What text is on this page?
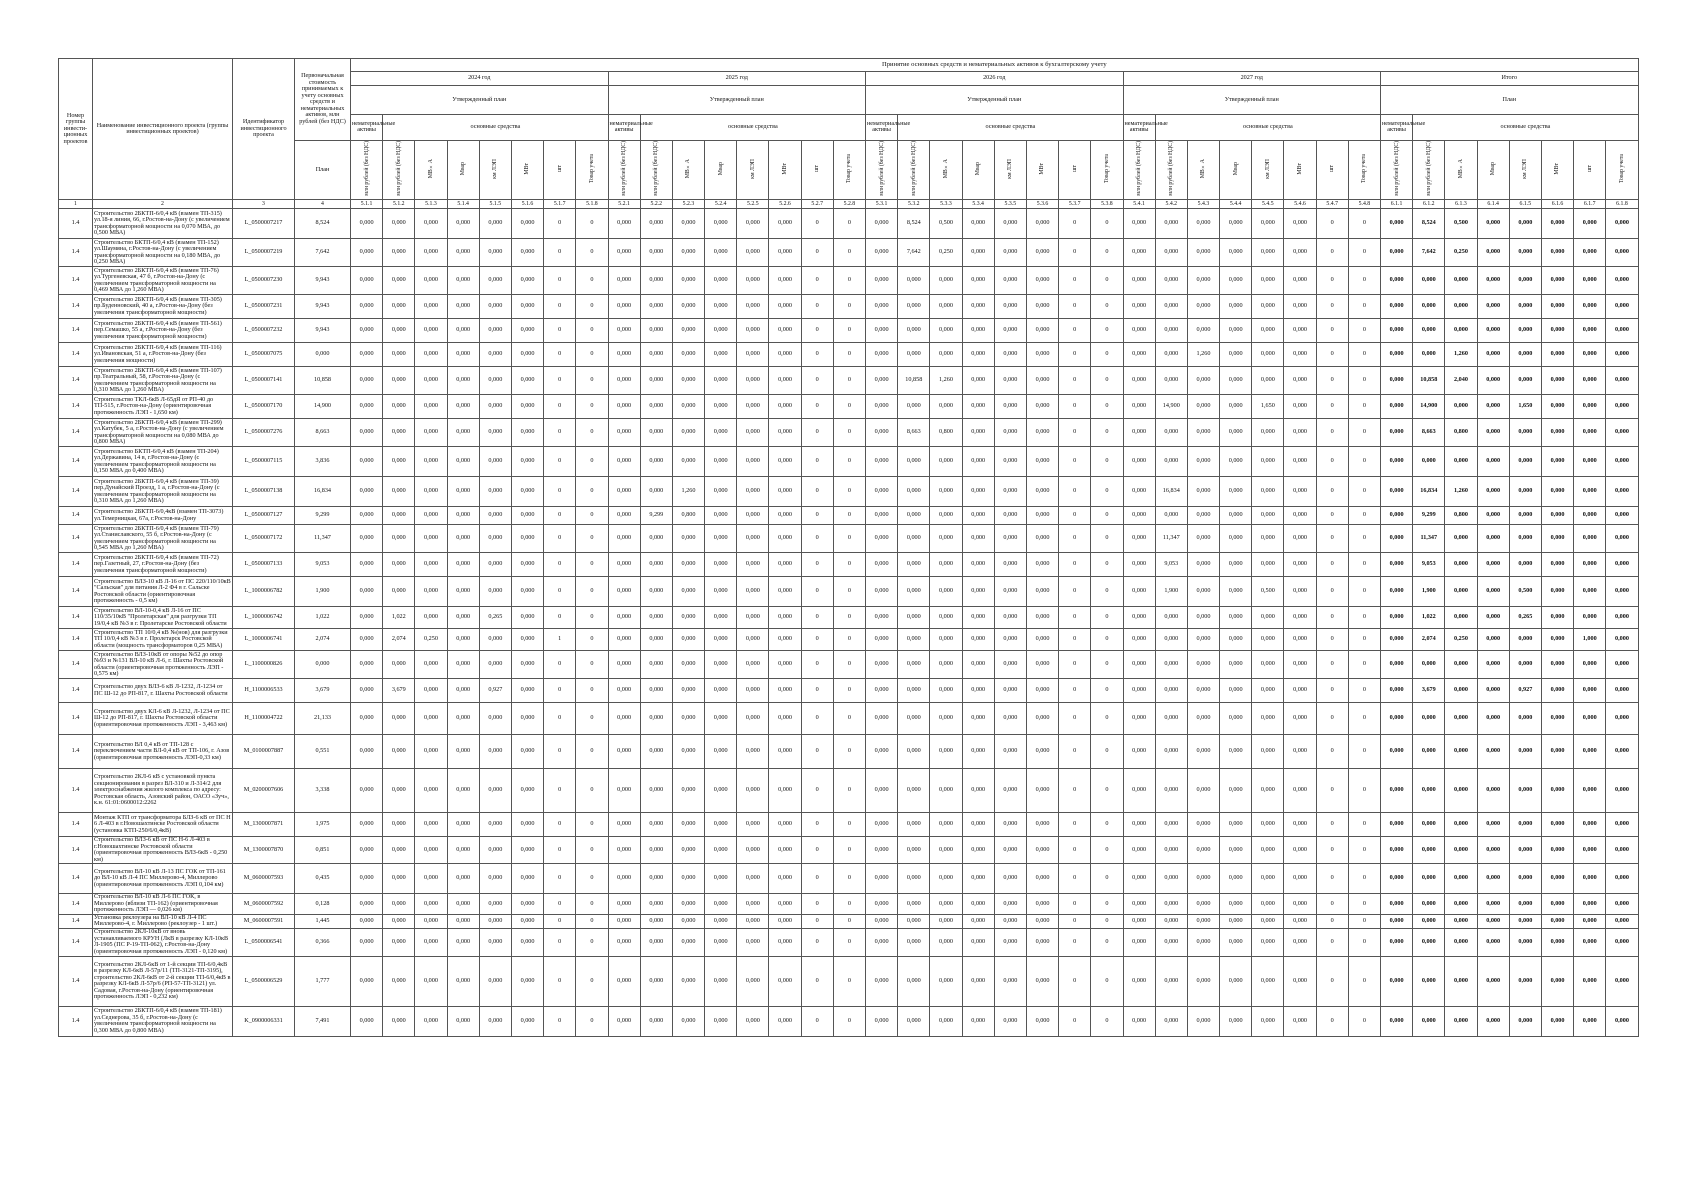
Номер группы инвести-ционных проектов	Наименование инвестиционного проекта (группы инвестиционных проектов)	Идентификатор инвестиционного проекта	Первоначальная стоимость принимаемых к учету основных средств и нематериальных активов, млн рублей (без НДС)	Принятие основных средств и нематериальных активов к бухгалтерскому учету																																							
				2024 год								2025 год								2026 год								2027 год								Итого							
				Утвержденный план								Утвержденный план								Утвержденный план								Утвержденный план								План							
				нематериальные активы	основные средства							нематериальные активы	основные средства							нематериальные активы	основные средства							нематериальные активы	основные средства							нематериальные активы	основные средства						
			План	млн рублей (без НДС)	млн рублей (без НДС)	МВ×А	Мвар	км ЛЭП	МВт	шт	Товар учета	млн рублей (без НДС)	млн рублей (без НДС)	МВ×А	Мвар	км ЛЭП	МВт	шт	Товар учета	млн рублей (без НДС)	млн рублей (без НДС)	МВ×А	Мвар	км ЛЭП	МВт	шт	Товар учета	млн рублей (без НДС)	млн рублей (без НДС)	МВ×А	Мвар	км ЛЭП	МВт	шт	Товар учета	млн рублей (без НДС)	млн рублей (без НДС)	МВ×А	Мвар	км ЛЭП	МВт	шт	Товар учета
1	2	3	4	5.1.1	5.1.2	5.1.3	5.1.4	5.1.5	5.1.6	5.1.7	5.1.8	5.2.1	5.2.2	5.2.3	5.2.4	5.2.5	5.2.6	5.2.7	5.2.8	5.3.1	5.3.2	5.3.3	5.3.4	5.3.5	5.3.6	5.3.7	5.3.8	5.4.1	5.4.2	5.4.3	5.4.4	5.4.5	5.4.6	5.4.7	5.4.8	6.1.1	6.1.2	6.1.3	6.1.4	6.1.5	6.1.6	6.1.7	6.1.8
1.4	Строительство 2БКТП-6/0,4 кВ (взамен ТП-315) ул.18-я линия, 66, г.Ростов-на-Дону (с увеличением трансформаторной мощности на 0,070 МВА, до 0,500 МВА)	L_0500007217	8,524	0,000	0,000	0,000	0,000	0,000	0,000	0	0	0,000	0,000	0,000	0,000	0,000	0,000	0	0	0,000	8,524	0,500	0,000	0,000	0,000	0	0	0,000	0,000	0,000	0,000	0,000	0,000	0	0	0,000	8,524	0,500	0,000	0,000	0,000	0,000	0,000
1.4	Строительство БКТП-6/0,4 кВ (взамен ТП-152) ул.Шаумяна, г.Ростов-на-Дону (с увеличением трансформаторной мощности на 0,180 МВА, до 0,250 МВА)	L_0500007219	7,642	0,000	0,000	0,000	0,000	0,000	0,000	0	0	0,000	0,000	0,000	0,000	0,000	0,000	0	0	0,000	7,642	0,250	0,000	0,000	0,000	0	0	0,000	0,000	0,000	0,000	0,000	0,000	0	0	0,000	7,642	0,250	0,000	0,000	0,000	0,000	0,000
1.4	Строительство 2БКТП-6/0,4 кВ (взамен ТП-76) ул.Тургеневская, 47 б, г.Ростов-на-Дону (с увеличением трансформаторной мощности на 0,469 МВА до 1,260 МВА)	L_0500007230	9,943	0,000	0,000	0,000	0,000	0,000	0,000	0	0	0,000	0,000	0,000	0,000	0,000	0,000	0	0	0,000	0,000	0,000	0,000	0,000	0,000	0	0	0,000	0,000	0,000	0,000	0,000	0,000	0	0	0,000	0,000	0,000	0,000	0,000	0,000	0,000	0,000
1.4	Строительство 2БКТП-6/0,4 кВ (взамен ТП-305) пр.Буденновский, 40 а, г.Ростов-на-Дону (без увеличения трансформаторной мощности)	L_0500007231	9,943	0,000	0,000	0,000	0,000	0,000	0,000	0	0	0,000	0,000	0,000	0,000	0,000	0,000	0	0	0,000	0,000	0,000	0,000	0,000	0,000	0	0	0,000	0,000	0,000	0,000	0,000	0,000	0	0	0,000	0,000	0,000	0,000	0,000	0,000	0,000	0,000
1.4	Строительство 2БКТП-6/0,4 кВ (взамен ТП-561) пер.Семашко, 55 а, г.Ростов-на-Дону (без увеличения трансформаторной мощности)	L_0500007232	9,943	0,000	0,000	0,000	0,000	0,000	0,000	0	0	0,000	0,000	0,000	0,000	0,000	0,000	0	0	0,000	0,000	0,000	0,000	0,000	0,000	0	0	0,000	0,000	0,000	0,000	0,000	0,000	0	0	0,000	0,000	0,000	0,000	0,000	0,000	0,000	0,000
1.4	Строительство 2БКТП-6/0,4 кВ (взамен ТП-116) ул.Ивановская, 51 а, г.Ростов-на-Дону (без увеличения мощности)	L_0500007075	0,000	0,000	0,000	0,000	0,000	0,000	0,000	0	0	0,000	0,000	0,000	0,000	0,000	0,000	0	0	0,000	0,000	0,000	0,000	0,000	0,000	0	0	0,000	0,000	1,260	0,000	0,000	0,000	0	0	0,000	0,000	1,260	0,000	0,000	0,000	0,000	0,000
1.4	Строительство 2БКТП-6/0,4 кВ (взамен ТП-107) пр.Театральный, 58, г.Ростов-на-Дону (с увеличением трансформаторной мощности на 0,310 МВА до 1,260 МВА)	L_0500007141	10,858	0,000	0,000	0,000	0,000	0,000	0,000	0	0	0,000	0,000	0,000	0,000	0,000	0,000	0	0	0,000	10,858	1,260	0,000	0,000	0,000	0	0	0,000	0,000	0,000	0,000	0,000	0,000	0	0	0,000	10,858	2,040	0,000	0,000	0,000	0,000	0,000
1.4	Строительство ТКЛ-6кВ Л-65дЯ от РП-40 до ТП-515, г.Ростов-на-Дону (ориентировочная протяженность ЛЭП - 1,650 км)	L_0500007170	14,900	0,000	0,000	0,000	0,000	0,000	0,000	0	0	0,000	0,000	0,000	0,000	0,000	0,000	0	0	0,000	0,000	0,000	0,000	0,000	0,000	0	0	0,000	14,900	0,000	0,000	1,650	0,000	0	0	0,000	14,900	0,000	0,000	1,650	0,000	0,000	0,000
1.4	Строительство 2БКТП-6/0,4 кВ (взамен ТП-299) ул.Катубек, 5 а, г.Ростов-на-Дону (с увеличением трансформаторной мощности на 0,080 МВА до 0,800 МВА)	L_0500007276	8,663	0,000	0,000	0,000	0,000	0,000	0,000	0	0	0,000	0,000	0,000	0,000	0,000	0,000	0	0	0,000	8,663	0,800	0,000	0,000	0,000	0	0	0,000	0,000	0,000	0,000	0,000	0,000	0	0	0,000	8,663	0,800	0,000	0,000	0,000	0,000	0,000
1.4	Строительство БКТП-6/0,4 кВ (взамен ТП-204) ул.Державина, 14 в, г.Ростов-на-Дону (с увеличением трансформаторной мощности на 0,150 МВА до 0,400 МВА)	L_0500007115	3,836	0,000	0,000	0,000	0,000	0,000	0,000	0	0	0,000	0,000	0,000	0,000	0,000	0,000	0	0	0,000	0,000	0,000	0,000	0,000	0,000	0	0	0,000	0,000	0,000	0,000	0,000	0,000	0	0	0,000	0,000	0,000	0,000	0,000	0,000	0,000	0,000
1.4	Строительство 2БКТП-6/0,4 кВ (взамен ТП-39) пер.Дунайский Проезд, 1 а, г.Ростов-на-Дону (с увеличением трансформаторной мощности на 0,310 МВА до 1,260 МВА)	L_0500007138	16,834	0,000	0,000	0,000	0,000	0,000	0,000	0	0	0,000	0,000	1,260	0,000	0,000	0,000	0	0	0,000	0,000	0,000	0,000	0,000	0,000	0	0	0,000	16,834	0,000	0,000	0,000	0,000	0	0	0,000	16,834	1,260	0,000	0,000	0,000	0,000	0,000
1.4	Строительство 2БКТП-6/0,4кВ (взамен ТП-3073) ул.Темерницкая, 67а, г.Ростов-на-Дону	L_0500007127	9,299	0,000	0,000	0,000	0,000	0,000	0,000	0	0	0,000	9,299	0,800	0,000	0,000	0,000	0	0	0,000	0,000	0,000	0,000	0,000	0,000	0	0	0,000	0,000	0,000	0,000	0,000	0,000	0	0	0,000	9,299	0,800	0,000	0,000	0,000	0,000	0,000
1.4	Строительство 2БКТП-6/0,4 кВ (взамен ТП-79) ул.Станиславского, 55 б, г.Ростов-на-Дону (с увеличением трансформаторной мощности на 0,545 МВА до 1,260 МВА)	L_0500007172	11,347	0,000	0,000	0,000	0,000	0,000	0,000	0	0	0,000	0,000	0,000	0,000	0,000	0,000	0	0	0,000	0,000	0,000	0,000	0,000	0,000	0	0	0,000	11,347	0,000	0,000	0,000	0,000	0	0	0,000	11,347	0,000	0,000	0,000	0,000	0,000	0,000
1.4	Строительство 2БКТП-6/0,4 кВ (взамен ТП-72) пер.Газетный, 27, г.Ростов-на-Дону (без увеличения трансформаторной мощности)	L_0500007133	9,053	0,000	0,000	0,000	0,000	0,000	0,000	0	0	0,000	0,000	0,000	0,000	0,000	0,000	0	0	0,000	0,000	0,000	0,000	0,000	0,000	0	0	0,000	9,053	0,000	0,000	0,000	0,000	0	0	0,000	9,053	0,000	0,000	0,000	0,000	0,000	0,000
1.4	Строительство ВЛЗ-10 кВ Л-16 от ПС 220/110/10кВ "Сальская" для питания Л-2 Ф4 в г. Сальске Ростовской области (ориентировочная протяженность - 0,5 км)	L_1000006782	1,900	0,000	0,000	0,000	0,000	0,000	0,000	0	0	0,000	0,000	0,000	0,000	0,000	0,000	0	0	0,000	0,000	0,000	0,000	0,000	0,000	0	0	0,000	1,900	0,000	0,000	0,500	0,000	0	0	0,000	1,900	0,000	0,000	0,500	0,000	0,000	0,000
1.4	Строительство ВЛ-10-0,4 кВ Л-16 от ПС 110/35/10кВ "Пролетарская" для разгрузки ТП 19/0,4 кВ №3 в г. Пролетарске Ростовской области	L_1000006742	1,022	0,000	1,022	0,000	0,000	0,265	0,000	0	0	0,000	0,000	0,000	0,000	0,000	0,000	0	0	0,000	0,000	0,000	0,000	0,000	0,000	0	0	0,000	0,000	0,000	0,000	0,000	0,000	0	0	0,000	1,022	0,000	0,000	0,265	0,000	0,000	0,000
1.4	Строительство ТП 10/0,4 кВ №(нов) для разгрузки ТП 10/0,4 кВ №3 в г. Пролетарск Ростовской области (мощность трансформаторов 0,25 МВА)	L_1000006741	2,074	0,000	2,074	0,250	0,000	0,000	0,000	1	0	0,000	0,000	0,000	0,000	0,000	0,000	0	0	0,000	0,000	0,000	0,000	0,000	0,000	0	0	0,000	0,000	0,000	0,000	0,000	0,000	0	0	0,000	2,074	0,250	0,000	0,000	0,000	1,000	0,000
1.4	Строительство ВЛЗ-10кВ от опоры №52 до опор №93 и №131 ВЛ-10 кВ Л-6, г. Шахты Ростовской области (ориентировочная протяженность ЛЭП - 0,575 км)	L_1100000826	0,000	0,000	0,000	0,000	0,000	0,000	0,000	0	0	0,000	0,000	0,000	0,000	0,000	0,000	0	0	0,000	0,000	0,000	0,000	0,000	0,000	0	0	0,000	0,000	0,000	0,000	0,000	0,000	0	0	0,000	0,000	0,000	0,000	0,000	0,000	0,000	0,000
1.4	Строительство двух ВЛЗ-6 кВ Л-1232, Л-1234 от ПС Ш-12 до РП-817, г. Шахты Ростовской области	H_1100006533	3,679	0,000	3,679	0,000	0,000	0,927	0,000	0	0	0,000	0,000	0,000	0,000	0,000	0,000	0	0	0,000	0,000	0,000	0,000	0,000	0,000	0	0	0,000	0,000	0,000	0,000	0,000	0,000	0	0	0,000	3,679	0,000	0,000	0,927	0,000	0,000	0,000
1.4	Строительство двух КЛ-6 кВ Л-1232, Л-1234 от ПС Ш-12 до РП-817, г. Шахты Ростовской области (ориентировочная протяженность ЛЭП - 3,463 км)	H_1100004722	21,133	0,000	0,000	0,000	0,000	0,000	0,000	0	0	0,000	0,000	0,000	0,000	0,000	0,000	0	0	0,000	0,000	0,000	0,000	0,000	0,000	0	0	0,000	0,000	0,000	0,000	0,000	0,000	0	0	0,000	0,000	0,000	0,000	0,000	0,000	0,000	0,000
1.4	Строительство ВЛ 0,4 кВ от ТП-128 с переключением части ВЛ-0,4 кВ от ТП-106, г. Азов (ориентировочная протяженность ЛЭП-0,33 км)	M_0100007887	0,551	0,000	0,000	0,000	0,000	0,000	0,000	0	0	0,000	0,000	0,000	0,000	0,000	0,000	0	0	0,000	0,000	0,000	0,000	0,000	0,000	0	0	0,000	0,000	0,000	0,000	0,000	0,000	0	0	0,000	0,000	0,000	0,000	0,000	0,000	0,000	0,000
1.4	Строительство 2КЛ-6 кВ с установкой пункта секционирования в разрез ВЛ-310 и Л-314/2 для электроснабжения жилого комплекса по адресу: Ростовская область, Азовский район, ОАСО «Зуч», к.н. 61:01:0600012:2262	M_0200007606	3,338	0,000	0,000	0,000	0,000	0,000	0,000	0	0	0,000	0,000	0,000	0,000	0,000	0,000	0	0	0,000	0,000	0,000	0,000	0,000	0,000	0	0	0,000	0,000	0,000	0,000	0,000	0,000	0	0	0,000	0,000	0,000	0,000	0,000	0,000	0,000	0,000
1.4	Монтаж КТП от трансформатора БЛЗ-6 кВ от ПС Н 6 Л-403 в г.Новошахтинске Ростовской области (установка КТП-250/6/0,4кВ)	M_1300007871	1,975	0,000	0,000	0,000	0,000	0,000	0,000	0	0	0,000	0,000	0,000	0,000	0,000	0,000	0	0	0,000	0,000	0,000	0,000	0,000	0,000	0	0	0,000	0,000	0,000	0,000	0,000	0,000	0	0	0,000	0,000	0,000	0,000	0,000	0,000	0,000	0,000
1.4	Строительство ВЛЗ-6 кВ от ПС Н-6 Л-403 в г.Новошахтинске Ростовской области (ориентировочная протяженность ВЛЗ-6кВ - 0,250 км)	M_1300007870	0,851	0,000	0,000	0,000	0,000	0,000	0,000	0	0	0,000	0,000	0,000	0,000	0,000	0,000	0	0	0,000	0,000	0,000	0,000	0,000	0,000	0	0	0,000	0,000	0,000	0,000	0,000	0,000	0	0	0,000	0,000	0,000	0,000	0,000	0,000	0,000	0,000
1.4	Строительство ВЛ-10 кВ Л-13 ПС ГОК от ТП-161 до ВЛ-10 кВ Л-4 ПС Миллерово-4, Миллерово (ориентировочная протяженность ЛЭП 0,104 км)	M_0600007593	0,435	0,000	0,000	0,000	0,000	0,000	0,000	0	0	0,000	0,000	0,000	0,000	0,000	0,000	0	0	0,000	0,000	0,000	0,000	0,000	0,000	0	0	0,000	0,000	0,000	0,000	0,000	0,000	0	0	0,000	0,000	0,000	0,000	0,000	0,000	0,000	0,000
1.4	Строительство ВЛ-10 кВ Л-6 ПС ГОК, в Миллерово (вблизи ТП-162) (ориентировочная протяженность ЛЭП — 0,026 км)	M_0600007592	0,128	0,000	0,000	0,000	0,000	0,000	0,000	0	0	0,000	0,000	0,000	0,000	0,000	0,000	0	0	0,000	0,000	0,000	0,000	0,000	0,000	0	0	0,000	0,000	0,000	0,000	0,000	0,000	0	0	0,000	0,000	0,000	0,000	0,000	0,000	0,000	0,000
1.4	Установка реклоузера на ВЛ-10 кВ Л-4 ПС Миллерово-4, г. Миллерово (реклоузер - 1 шт.)	M_0600007591	1,445	0,000	0,000	0,000	0,000	0,000	0,000	0	0	0,000	0,000	0,000	0,000	0,000	0,000	0	0	0,000	0,000	0,000	0,000	0,000	0,000	0	0	0,000	0,000	0,000	0,000	0,000	0,000	0	0	0,000	0,000	0,000	0,000	0,000	0,000	0,000	0,000
1.4	Строительство 2КЛ-10кВ от вновь устанавливаемого КРУН (ЛкВ в разрезку КЛ-10кВ Л-1905 (ПС Р-19-ТП-062), г.Ростов-на-Дону (ориентировочная протяженность ЛЭП - 0,120 км)	L_0500006541	0,366	0,000	0,000	0,000	0,000	0,000	0,000	0	0	0,000	0,000	0,000	0,000	0,000	0,000	0	0	0,000	0,000	0,000	0,000	0,000	0,000	0	0	0,000	0,000	0,000	0,000	0,000	0,000	0	0	0,000	0,000	0,000	0,000	0,000	0,000	0,000	0,000
1.4	Строительство 2КЛ-6кВ от 1-й секции ТП-6/0,4кВ в разрезку КЛ-6кВ Л-57р/11 (ТП-3121-ТП-3195), строительство 2КЛ-6кВ от 2-й секции ТП-6/0,4кВ в разрезку КЛ-6кВ Л-57р/6 (РП-57-ТП-3121) ул. Садовая, г.Ростов-на-Дону (ориентировочная протяженность ЛЭП - 0,232 км)	L_0500006529	1,777	0,000	0,000	0,000	0,000	0,000	0,000	0	0	0,000	0,000	0,000	0,000	0,000	0,000	0	0	0,000	0,000	0,000	0,000	0,000	0,000	0	0	0,000	0,000	0,000	0,000	0,000	0,000	0	0	0,000	0,000	0,000	0,000	0,000	0,000	0,000	0,000
1.4	Строительство 2БКТП-6/0,4 кВ (взамен ТП-181) ул.Седнерова, 35 б, г.Ростов-на-Дону (с увеличением трансформаторной мощности на 0,300 МВА до 0,800 МВА)	K_0900006331	7,491	0,000	0,000	0,000	0,000	0,000	0,000	0	0	0,000	0,000	0,000	0,000	0,000	0,000	0	0	0,000	0,000	0,000	0,000	0,000	0,000	0	0	0,000	0,000	0,000	0,000	0,000	0,000	0	0	0,000	0,000	0,000	0,000	0,000	0,000	0,000	0,000
